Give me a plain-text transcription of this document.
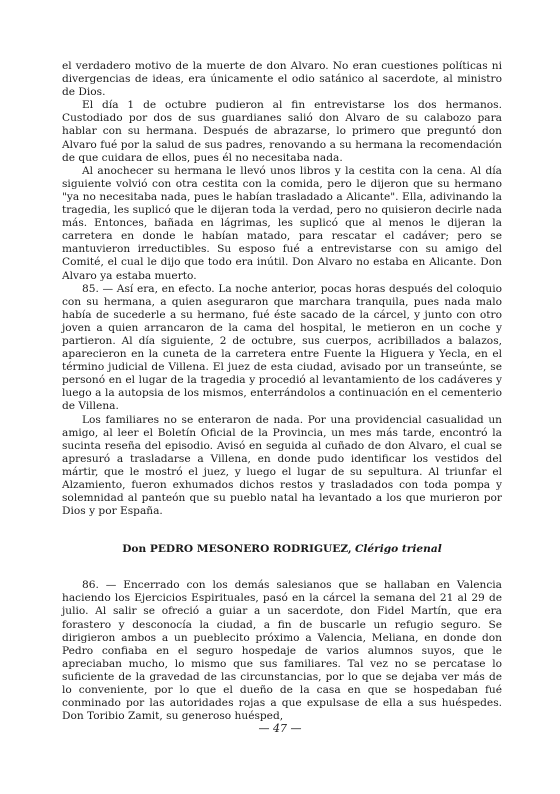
el verdadero motivo de la muerte de don Alvaro. No eran cuestiones políticas ni divergencias de ideas, era únicamente el odio satánico al sacerdote, al ministro de Dios.

El día 1 de octubre pudieron al fin entrevistarse los dos hermanos. Custodiado por dos de sus guardianes salió don Alvaro de su calabozo para hablar con su hermana. Después de abrazarse, lo primero que preguntó don Alvaro fué por la salud de sus padres, renovando a su hermana la recomendación de que cuidara de ellos, pues él no necesitaba nada.

Al anochecer su hermana le llevó unos libros y la cestita con la cena. Al día siguiente volvió con otra cestita con la comida, pero le dijeron que su hermano "ya no necesitaba nada, pues le habían trasladado a Alicante". Ella, adivinando la tragedia, les suplicó que le dijeran toda la verdad, pero no quisieron decirle nada más. Entonces, bañada en lágrimas, les suplicó que al menos le dijeran la carretera en donde le habían matado, para rescatar el cadáver; pero se mantuvieron irreductibles. Su esposo fué a entrevistarse con su amigo del Comité, el cual le dijo que todo era inútil. Don Alvaro no estaba en Alicante. Don Alvaro ya estaba muerto.

85. — Así era, en efecto. La noche anterior, pocas horas después del coloquio con su hermana, a quien aseguraron que marchara tranquila, pues nada malo había de sucederle a su hermano, fué éste sacado de la cárcel, y junto con otro joven a quien arrancaron de la cama del hospital, le metieron en un coche y partieron. Al día siguiente, 2 de octubre, sus cuerpos, acribillados a balazos, aparecieron en la cuneta de la carretera entre Fuente la Higuera y Yecla, en el término judicial de Villena. El juez de esta ciudad, avisado por un transeúnte, se personó en el lugar de la tragedia y procedió al levantamiento de los cadáveres y luego a la autopsia de los mismos, enterrándolos a continuación en el cementerio de Villena.

Los familiares no se enteraron de nada. Por una providencial casualidad un amigo, al leer el Boletín Oficial de la Provincia, un mes más tarde, encontró la sucinta reseña del episodio. Avisó en seguida al cuñado de don Alvaro, el cual se apresuró a trasladarse a Villena, en donde pudo identificar los vestidos del mártir, que le mostró el juez, y luego el lugar de su sepultura. Al triunfar el Alzamiento, fueron exhumados dichos restos y trasladados con toda pompa y solemnidad al panteón que su pueblo natal ha levantado a los que murieron por Dios y por España.

Don PEDRO MESONERO RODRIGUEZ, Clérigo trienal

86. — Encerrado con los demás salesianos que se hallaban en Valencia haciendo los Ejercicios Espirituales, pasó en la cárcel la semana del 21 al 29 de julio. Al salir se ofreció a guiar a un sacerdote, don Fidel Martín, que era forastero y desconocía la ciudad, a fin de buscarle un refugio seguro. Se dirigieron ambos a un pueblecito próximo a Valencia, Meliana, en donde don Pedro confiaba en el seguro hospedaje de varios alumnos suyos, que le apreciaban mucho, lo mismo que sus familiares. Tal vez no se percatase lo suficiente de la gravedad de las circunstancias, por lo que se dejaba ver más de lo conveniente, por lo que el dueño de la casa en que se hospedaban fué conminado por las autoridades rojas a que expulsase de ella a sus huéspedes. Don Toribio Zamit, su generoso huésped,

— 47 —
